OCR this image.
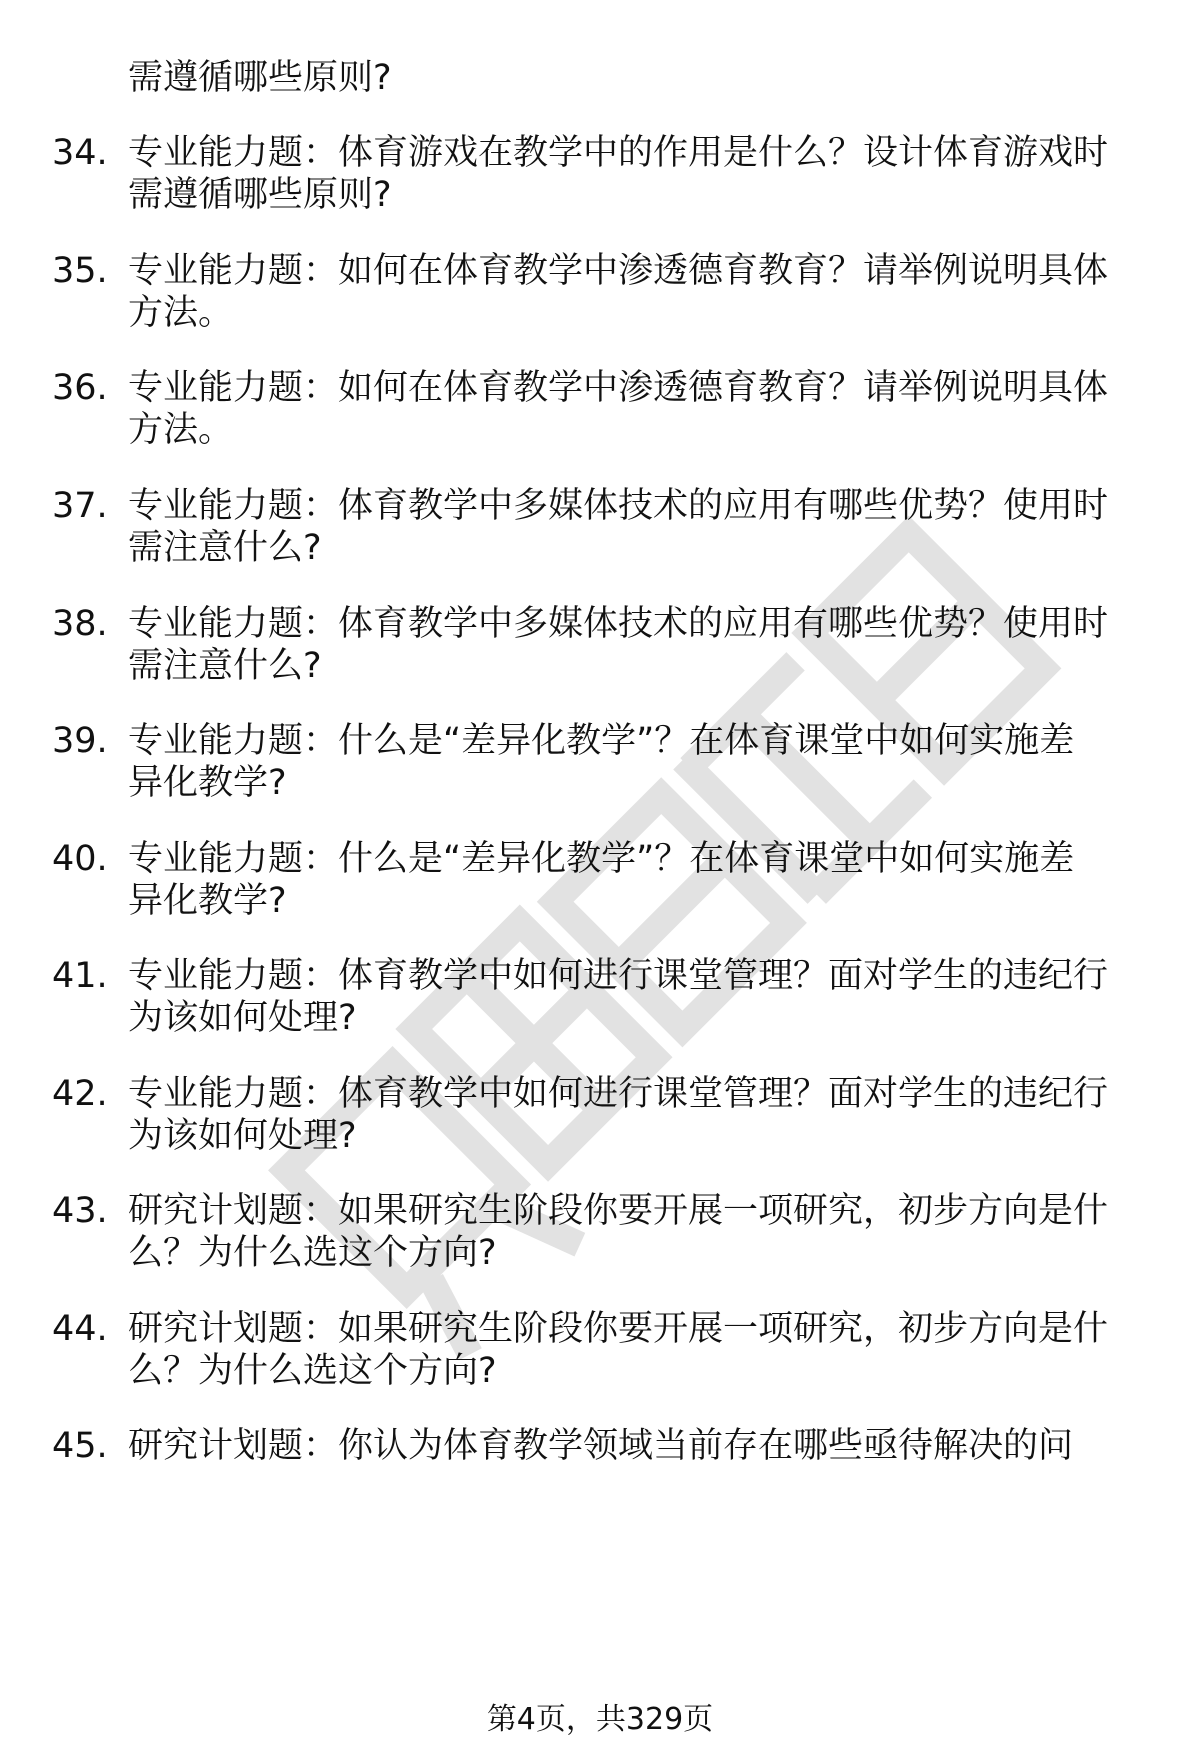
需遵循哪些原则?
34. 专业能力题：体育游戏在教学中的作用是什么？设计体育游戏时
需遵循哪些原则?
35. 专业能力题：如何在体育教学中渗透德育教育？请举例说明具体
方法。
36. 专业能力题：如何在体育教学中渗透德育教育？请举例说明具体
方法。
37. 专业能力题：体育教学中多媒体技术的应用有哪些优势？使用时
需注意什么?
38. 专业能力题：体育教学中多媒体技术的应用有哪些优势？使用时
需注意什么?
39. 专业能力题：什么是“差异化教学”？在体育课堂中如何实施差
异化教学?
40. 专业能力题：什么是“差异化教学”？在体育课堂中如何实施差
异化教学?
41. 专业能力题：体育教学中如何进行课堂管理？面对学生的违纪行
为该如何处理?
42. 专业能力题：体育教学中如何进行课堂管理？面对学生的违纪行
为该如何处理?
43. 研究计划题：如果研究生阶段你要开展一项研究，初步方向是什
么？为什么选这个方向?
44. 研究计划题：如果研究生阶段你要开展一项研究，初步方向是什
么？为什么选这个方向?
45. 研究计划题：你认为体育教学领域当前存在哪些亟待解决的问
第4页，共329页
